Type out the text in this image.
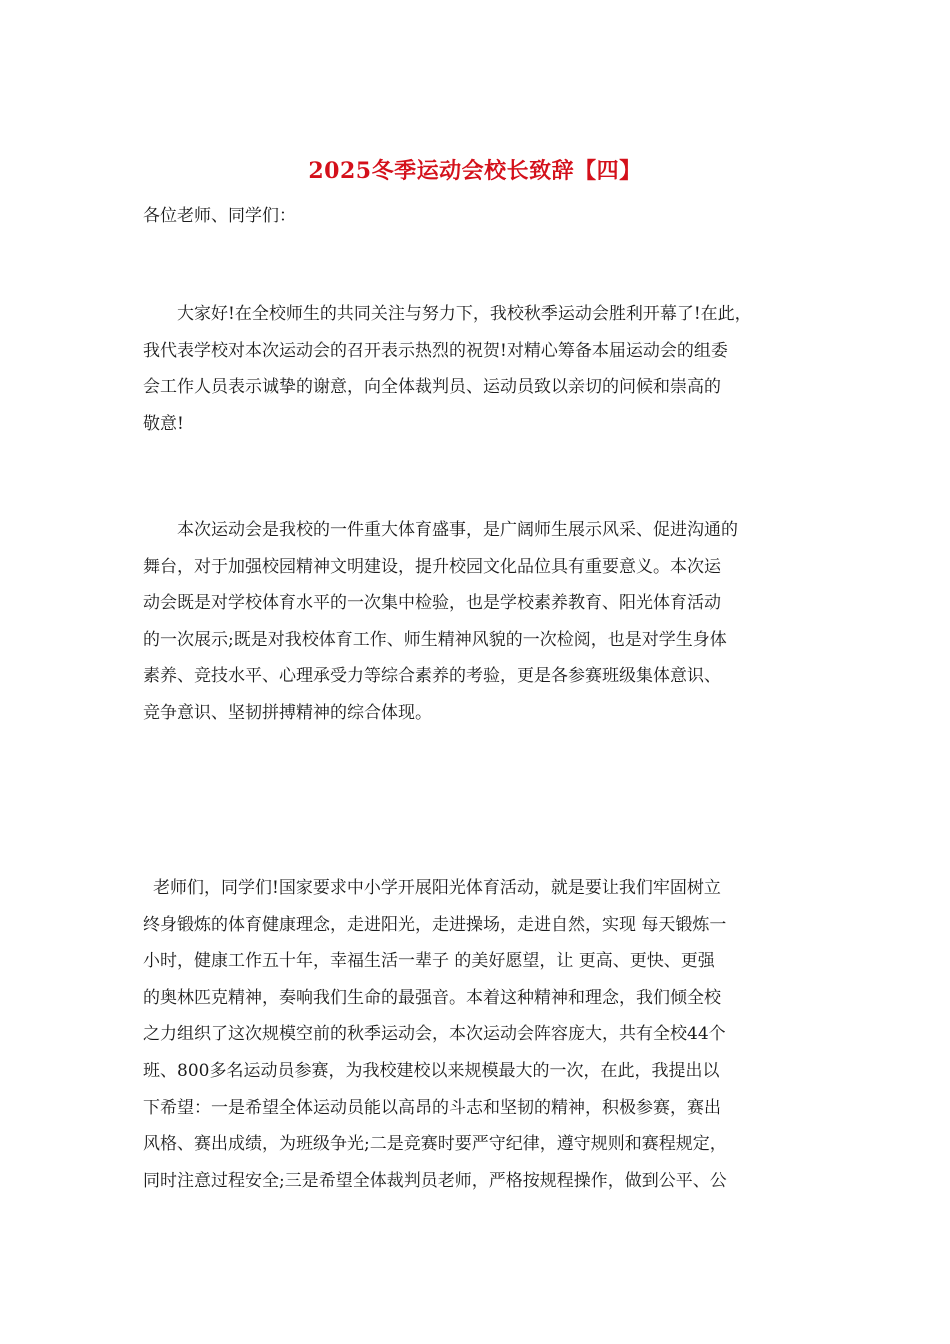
2025冬季运动会校长致辞【四】

各位老师、同学们：

大家好!在全校师生的共同关注与努力下，我校秋季运动会胜利开幕了!在此，
我代表学校对本次运动会的召开表示热烈的祝贺!对精心筹备本届运动会的组委
会工作人员表示诚挚的谢意，向全体裁判员、运动员致以亲切的问候和崇高的
敬意!
本次运动会是我校的一件重大体育盛事，是广阔师生展示风采、促进沟通的
舞台，对于加强校园精神文明建设，提升校园文化品位具有重要意义。本次运
动会既是对学校体育水平的一次集中检验，也是学校素养教育、阳光体育活动
的一次展示;既是对我校体育工作、师生精神风貌的一次检阅，也是对学生身体
素养、竞技水平、心理承受力等综合素养的考验，更是各参赛班级集体意识、
竞争意识、坚韧拼搏精神的综合体现。
老师们，同学们!国家要求中小学开展阳光体育活动，就是要让我们牢固树立
终身锻炼的体育健康理念，走进阳光，走进操场，走进自然，实现 每天锻炼一
小时，健康工作五十年，幸福生活一辈子 的美好愿望，让 更高、更快、更强
的奥林匹克精神，奏响我们生命的最强音。本着这种精神和理念，我们倾全校
之力组织了这次规模空前的秋季运动会，本次运动会阵容庞大，共有全校44个
班、800多名运动员参赛，为我校建校以来规模最大的一次，在此，我提出以
下希望：一是希望全体运动员能以高昂的斗志和坚韧的精神，积极参赛，赛出
风格、赛出成绩，为班级争光;二是竞赛时要严守纪律，遵守规则和赛程规定，
同时注意过程安全;三是希望全体裁判员老师，严格按规程操作，做到公平、公
